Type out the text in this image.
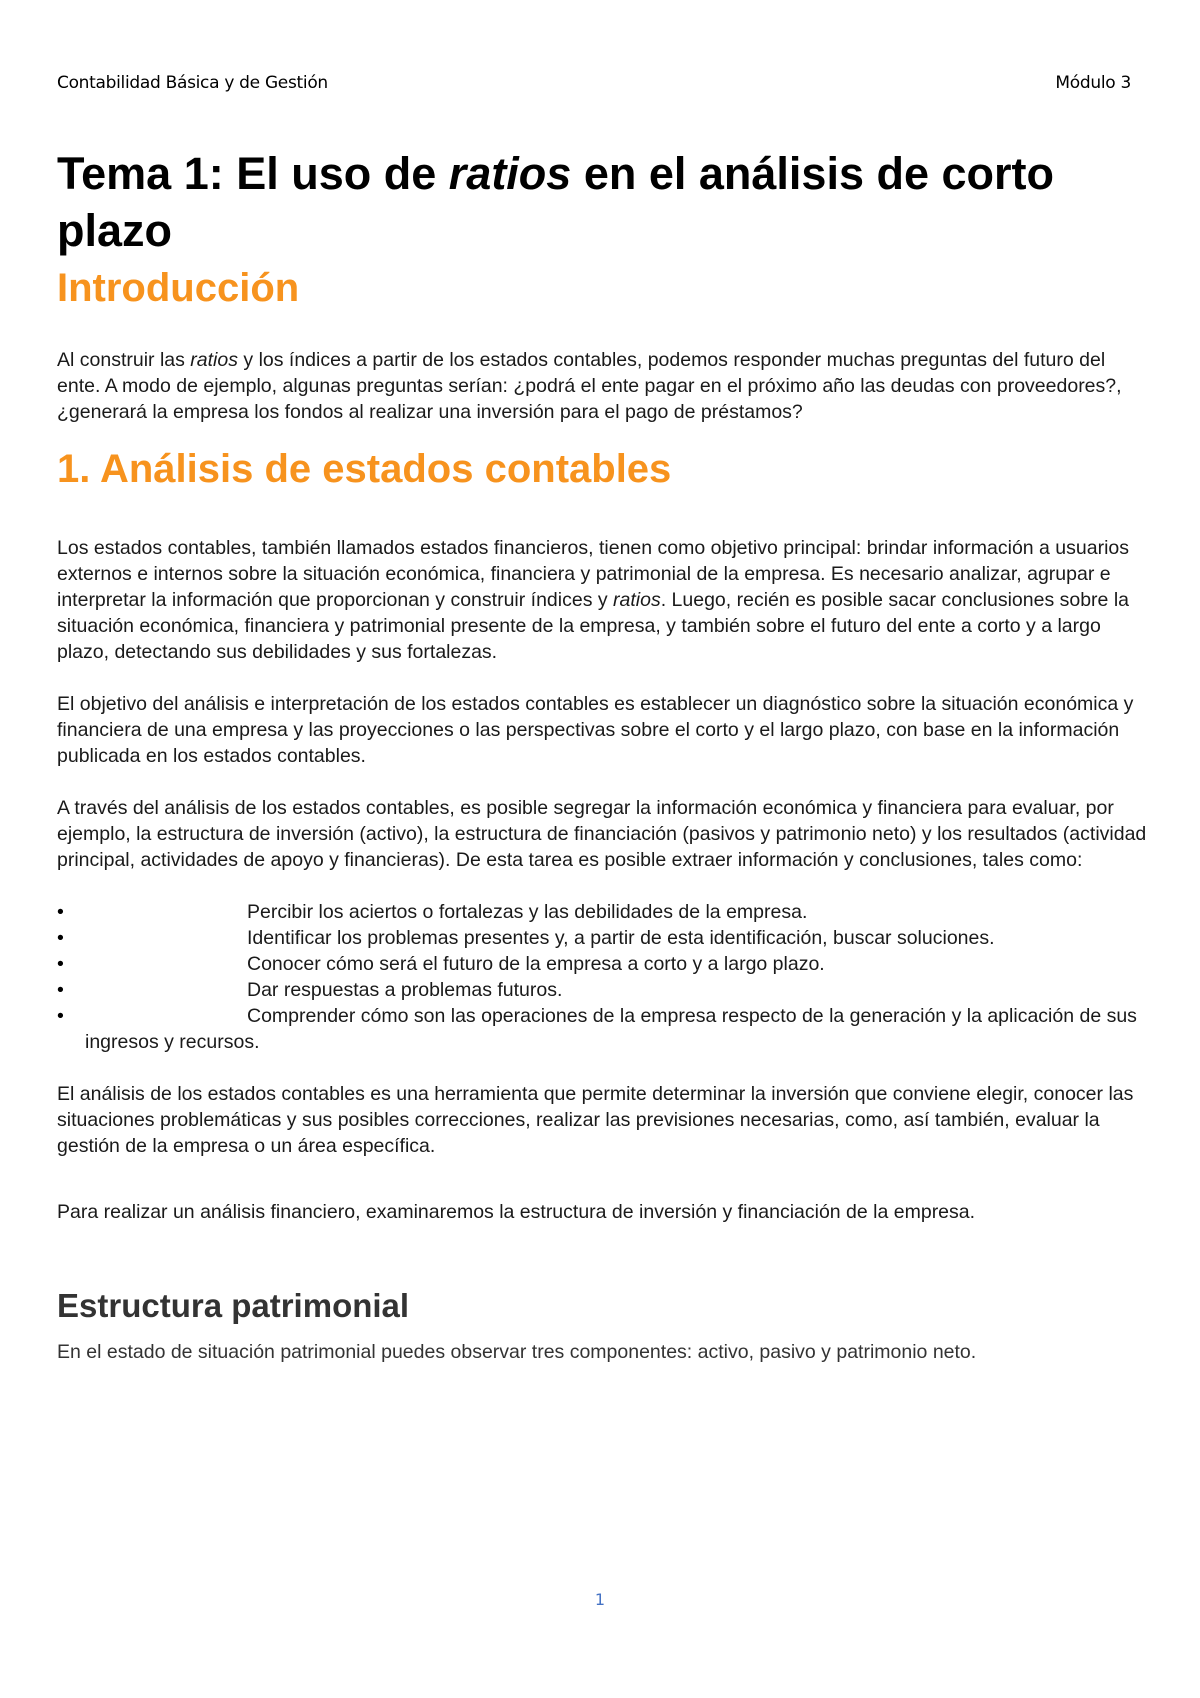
Contabilidad Básica y de Gestión	Módulo 3
Tema 1: El uso de ratios en el análisis de corto plazo
Introducción

Al construir las ratios y los índices a partir de los estados contables, podemos responder muchas preguntas del futuro del ente. A modo de ejemplo, algunas preguntas serían: ¿podrá el ente pagar en el próximo año las deudas con proveedores?, ¿generará la empresa los fondos al realizar una inversión para el pago de préstamos?

1. Análisis de estados contables

Los estados contables, también llamados estados financieros, tienen como objetivo principal: brindar información a usuarios externos e internos sobre la situación económica, financiera y patrimonial de la empresa. Es necesario analizar, agrupar e interpretar la información que proporcionan y construir índices y ratios. Luego, recién es posible sacar conclusiones sobre la situación económica, financiera y patrimonial presente de la empresa, y también sobre el futuro del ente a corto y a largo plazo, detectando sus debilidades y sus fortalezas.

El objetivo del análisis e interpretación de los estados contables es establecer un diagnóstico sobre la situación económica y financiera de una empresa y las proyecciones o las perspectivas sobre el corto y el largo plazo, con base en la información publicada en los estados contables.

A través del análisis de los estados contables, es posible segregar la información económica y financiera para evaluar, por ejemplo, la estructura de inversión (activo), la estructura de financiación (pasivos y patrimonio neto) y los resultados (actividad principal, actividades de apoyo y financieras). De esta tarea es posible extraer información y conclusiones, tales como:

•	Percibir los aciertos o fortalezas y las debilidades de la empresa.
•	Identificar los problemas presentes y, a partir de esta identificación, buscar soluciones.
•	Conocer cómo será el futuro de la empresa a corto y a largo plazo.
•	Dar respuestas a problemas futuros.
•	Comprender cómo son las operaciones de la empresa respecto de la generación y la aplicación de sus ingresos y recursos.

El análisis de los estados contables es una herramienta que permite determinar la inversión que conviene elegir, conocer las situaciones problemáticas y sus posibles correcciones, realizar las previsiones necesarias, como, así también, evaluar la gestión de la empresa o un área específica.

Para realizar un análisis financiero, examinaremos la estructura de inversión y financiación de la empresa.

Estructura patrimonial

En el estado de situación patrimonial puedes observar tres componentes: activo, pasivo y patrimonio neto.

1
